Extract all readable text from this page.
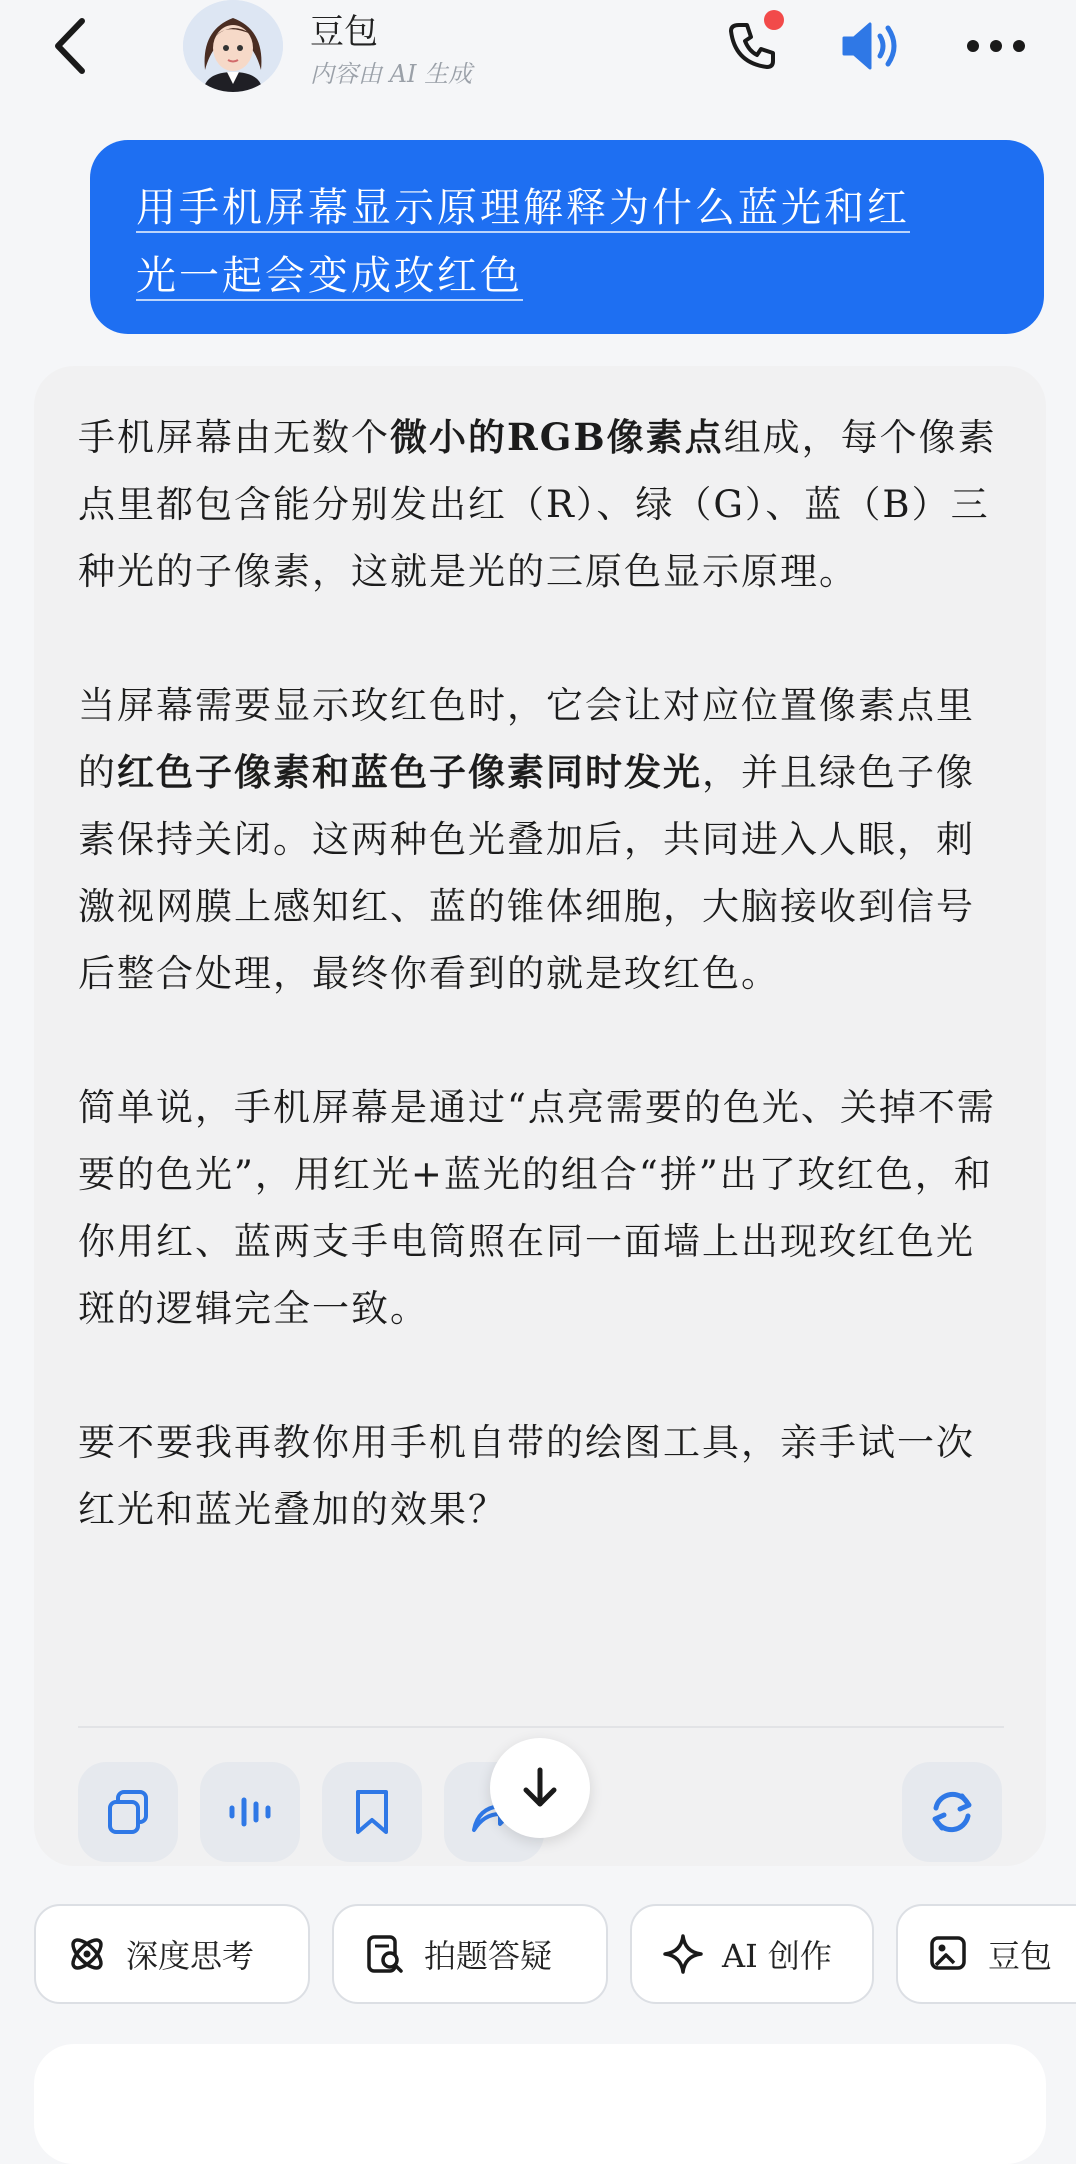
豆包
内容由 AI 生成
用手机屏幕显示原理解释为什么蓝光和红
光一起会变成玫红色

手机屏幕由无数个微小的RGB像素点组成，每个像素点里都包含能分别发出红（R）、绿（G）、蓝（B）三种光的子像素，这就是光的三原色显示原理。

当屏幕需要显示玫红色时，它会让对应位置像素点里的红色子像素和蓝色子像素同时发光，并且绿色子像素保持关闭。这两种色光叠加后，共同进入人眼，刺激视网膜上感知红、蓝的锥体细胞，大脑接收到信号后整合处理，最终你看到的就是玫红色。

简单说，手机屏幕是通过“点亮需要的色光、关掉不需要的色光”，用红光+蓝光的组合“拼”出了玫红色，和你用红、蓝两支手电筒照在同一面墙上出现玫红色光斑的逻辑完全一致。

要不要我再教你用手机自带的绘图工具，亲手试一次红光和蓝光叠加的效果？

深度思考	拍题答疑	AI 创作	豆包
